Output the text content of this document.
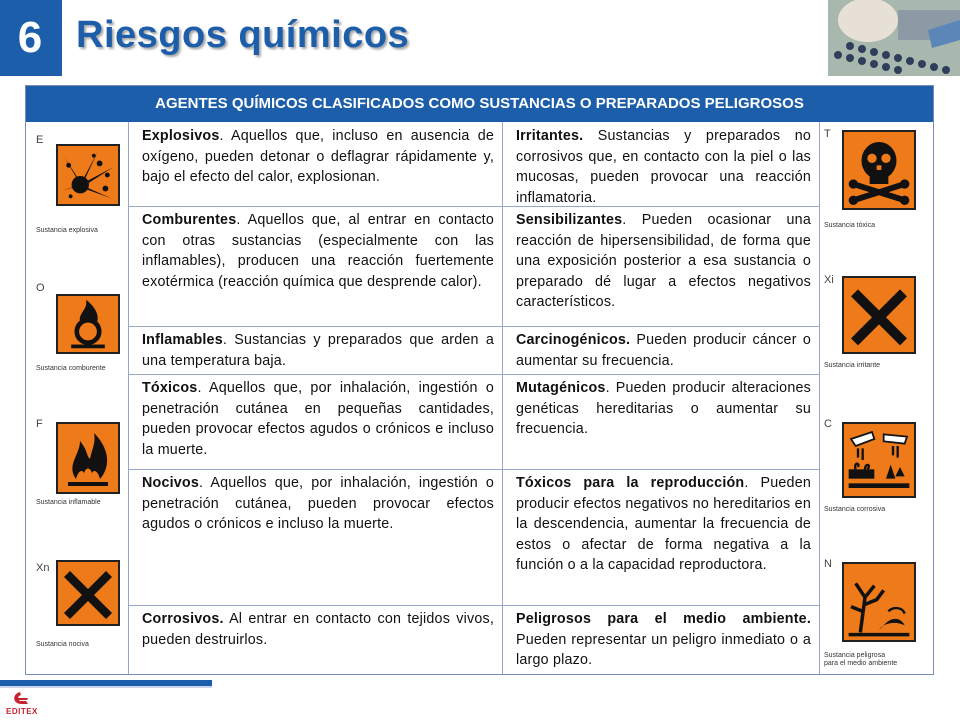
6 Riesgos químicos
AGENTES QUÍMICOS CLASIFICADOS COMO SUSTANCIAS O PREPARADOS PELIGROSOS
E
Sustancia explosiva
O
Sustancia comburente
F
Sustancia inflamable
Xn
Sustancia nociva
T
Sustancia tóxica
Xi
Sustancia irritante
C
Sustancia corrosiva
N
Sustancia peligrosa
para el medio ambiente
Explosivos. Aquellos que, incluso en ausencia de oxígeno, pueden detonar o deflagrar rápidamente y, bajo el efecto del calor, explosionan.
Comburentes. Aquellos que, al entrar en contacto con otras sustancias (especialmente con las inflamables), producen una reacción fuertemente exotérmica (reacción química que desprende calor).
Inflamables. Sustancias y preparados que arden a una temperatura baja.
Tóxicos. Aquellos que, por inhalación, ingestión o penetración cutánea en pequeñas cantidades, pueden provocar efectos agudos o crónicos e incluso la muerte.
Nocivos. Aquellos que, por inhalación, ingestión o penetración cutánea, pueden provocar efectos agudos o crónicos e incluso la muerte.
Corrosivos. Al entrar en contacto con tejidos vivos, pueden destruirlos.
Irritantes. Sustancias y preparados no corrosivos que, en contacto con la piel o las mucosas, pueden provocar una reacción inflamatoria.
Sensibilizantes. Pueden ocasionar una reacción de hipersensibilidad, de forma que una exposición posterior a esa sustancia o preparado dé lugar a efectos negativos característicos.
Carcinogénicos. Pueden producir cáncer o aumentar su frecuencia.
Mutagénicos. Pueden producir alteraciones genéticas hereditarias o aumentar su frecuencia.
Tóxicos para la reproducción. Pueden producir efectos negativos no hereditarios en la descendencia, aumentar la frecuencia de estos o afectar de forma negativa a la función o a la capacidad reproductora.
Peligrosos para el medio ambiente. Pueden representar un peligro inmediato o a largo plazo.
EDITEX
